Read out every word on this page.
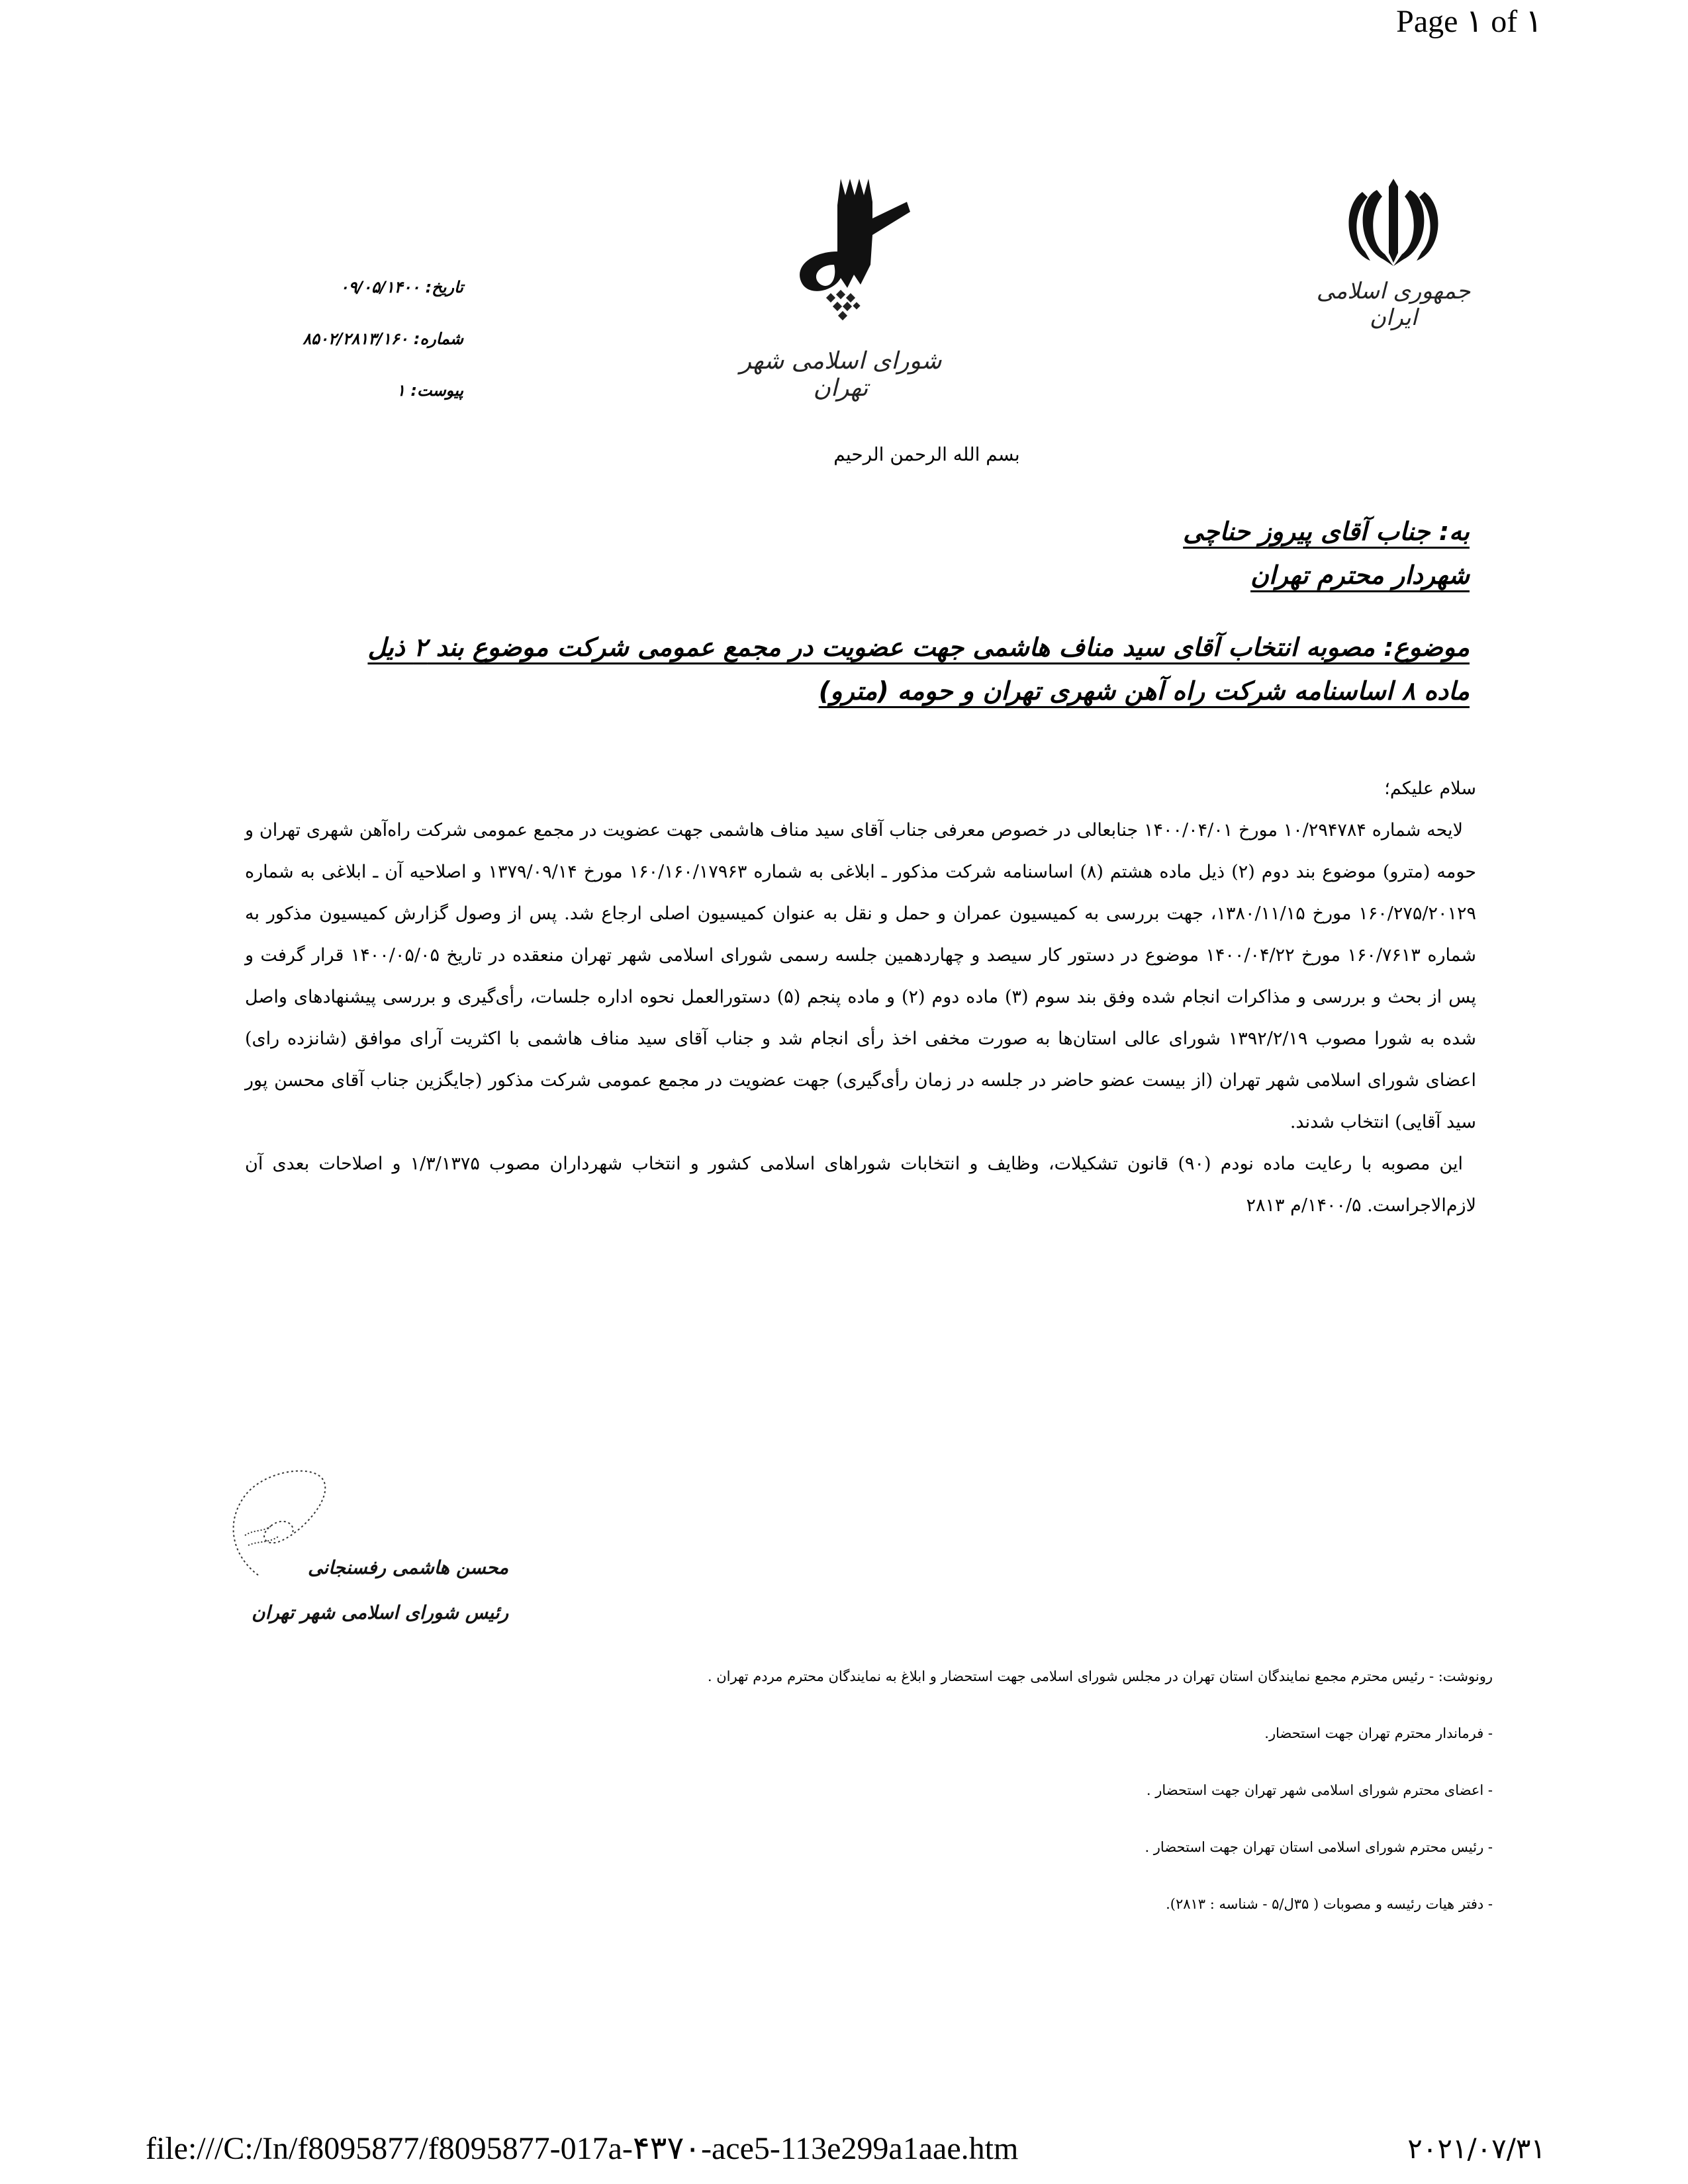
Page ۱ of ۱
جمهوری اسلامی ایران
شورای اسلامی شهر تهران
تاریخ: ۰۹/۰۵/۱۴۰۰
شماره: ۸۵۰۲/۲۸۱۳/۱۶۰
پیوست: ۱
بسم الله الرحمن الرحیم
به: جناب آقای پیروز حناچی
شهردار محترم تهران
موضوع: مصوبه انتخاب آقای سید مناف هاشمی جهت عضویت در مجمع عمومی شرکت موضوع بند ۲ ذیل ماده ۸ اساسنامه شرکت راه آهن شهری تهران و حومه (مترو)

سلام علیکم؛

لایحه شماره ۱۰/۲۹۴۷۸۴ مورخ ۱۴۰۰/۰۴/۰۱ جنابعالی در خصوص معرفی جناب آقای سید مناف هاشمی جهت عضویت در مجمع عمومی شرکت راه‌آهن شهری تهران و حومه (مترو) موضوع بند دوم (۲) ذیل ماده هشتم (۸) اساسنامه شرکت مذکور ـ ابلاغی به شماره ۱۶۰/۱۶۰/۱۷۹۶۳ مورخ ۱۳۷۹/۰۹/۱۴ و اصلاحیه آن ـ ابلاغی به شماره ۱۶۰/۲۷۵/۲۰۱۲۹ مورخ ۱۳۸۰/۱۱/۱۵، جهت بررسی به کمیسیون عمران و حمل و نقل به عنوان کمیسیون اصلی ارجاع شد. پس از وصول گزارش کمیسیون مذکور به شماره ۱۶۰/۷۶۱۳ مورخ ۱۴۰۰/۰۴/۲۲ موضوع در دستور کار سیصد و چهاردهمین جلسه رسمی شورای اسلامی شهر تهران منعقده در تاریخ ۱۴۰۰/۰۵/۰۵ قرار گرفت و پس از بحث و بررسی و مذاکرات انجام شده وفق بند سوم (۳) ماده دوم (۲) و ماده پنجم (۵) دستورالعمل نحوه اداره جلسات، رأی‌گیری و بررسی پیشنهادهای واصل شده به شورا مصوب ۱۳۹۲/۲/۱۹ شورای عالی استان‌ها به صورت مخفی اخذ رأی انجام شد و جناب آقای سید مناف هاشمی با اکثریت آرای موافق (شانزده رای) اعضای شورای اسلامی شهر تهران (از بیست عضو حاضر در جلسه در زمان رأی‌گیری) جهت عضویت در مجمع عمومی شرکت مذکور (جایگزین جناب آقای محسن پور سید آقایی) انتخاب شدند.

این مصوبه با رعایت ماده نودم (۹۰) قانون تشکیلات، وظایف و انتخابات شوراهای اسلامی کشور و انتخاب شهرداران مصوب ۱/۳/۱۳۷۵ و اصلاحات بعدی آن لازم‌الاجراست. ۱۴۰۰/۵/م ۲۸۱۳

محسن هاشمی رفسنجانی
رئیس شورای اسلامی شهر تهران
رونوشت: - رئیس محترم مجمع نمایندگان استان تهران در مجلس شورای اسلامی جهت استحضار و ابلاغ به نمایندگان محترم مردم تهران .
- فرماندار محترم تهران جهت استحضار.
- اعضای محترم شورای اسلامی شهر تهران جهت استحضار .
- رئیس محترم شورای اسلامی استان تهران جهت استحضار .
- دفتر هیات رئیسه و مصوبات ( ۳۵ل/۵ - شناسه : ۲۸۱۳).
file:///C:/In/f8095877/f8095877-017a-۴۳۷۰-ace5-113e299a1aae.htm	۲۰۲۱/۰۷/۳۱
